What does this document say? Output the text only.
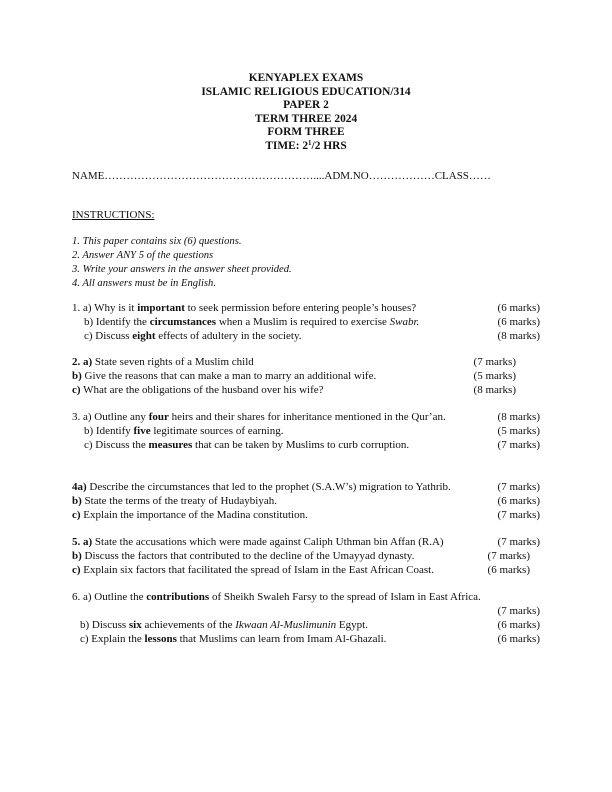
KENYAPLEX EXAMS
ISLAMIC RELIGIOUS EDUCATION/314
PAPER 2
TERM THREE 2024
FORM THREE
TIME: $2^1/2$ HRS
NAME…………………………………………………....ADM.NO………………CLASS……
INSTRUCTIONS:
1. This paper contains six (6) questions.
2. Answer ANY 5 of the questions
3. Write your answers in the answer sheet provided.
4. All answers must be in English.
1. a) Why is it important to seek permission before entering people’s houses?	(6 marks)
b) Identify the circumstances when a Muslim is required to exercise Swabr.	(6 marks)
c) Discuss eight effects of adultery in the society.	(8 marks)
2. a) State seven rights of a Muslim child	(7 marks)
b) Give the reasons that can make a man to marry an additional wife.	(5 marks)
c) What are the obligations of the husband over his wife?	(8 marks)
3. a) Outline any four heirs and their shares for inheritance mentioned in the Qur’an.	(8 marks)
b) Identify five legitimate sources of earning.	(5 marks)
c) Discuss the measures that can be taken by Muslims to curb corruption.	(7 marks)
4a) Describe the circumstances that led to the prophet (S.A.W’s) migration to Yathrib.	(7 marks)
b) State the terms of the treaty of Hudaybiyah.	(6 marks)
c) Explain the importance of the Madina constitution.	(7 marks)
5. a) State the accusations which were made against Caliph Uthman bin Affan (R.A)	(7 marks)
b) Discuss the factors that contributed to the decline of the Umayyad dynasty.	(7 marks)
c) Explain six factors that facilitated the spread of Islam in the East African Coast.	(6 marks)
6. a) Outline the contributions of Sheikh Swaleh Farsy to the spread of Islam in East Africa.
(7 marks)
b) Discuss six achievements of the Ikwaan Al-Muslimunin Egypt.	(6 marks)
c) Explain the lessons that Muslims can learn from Imam Al-Ghazali.	(6 marks)
